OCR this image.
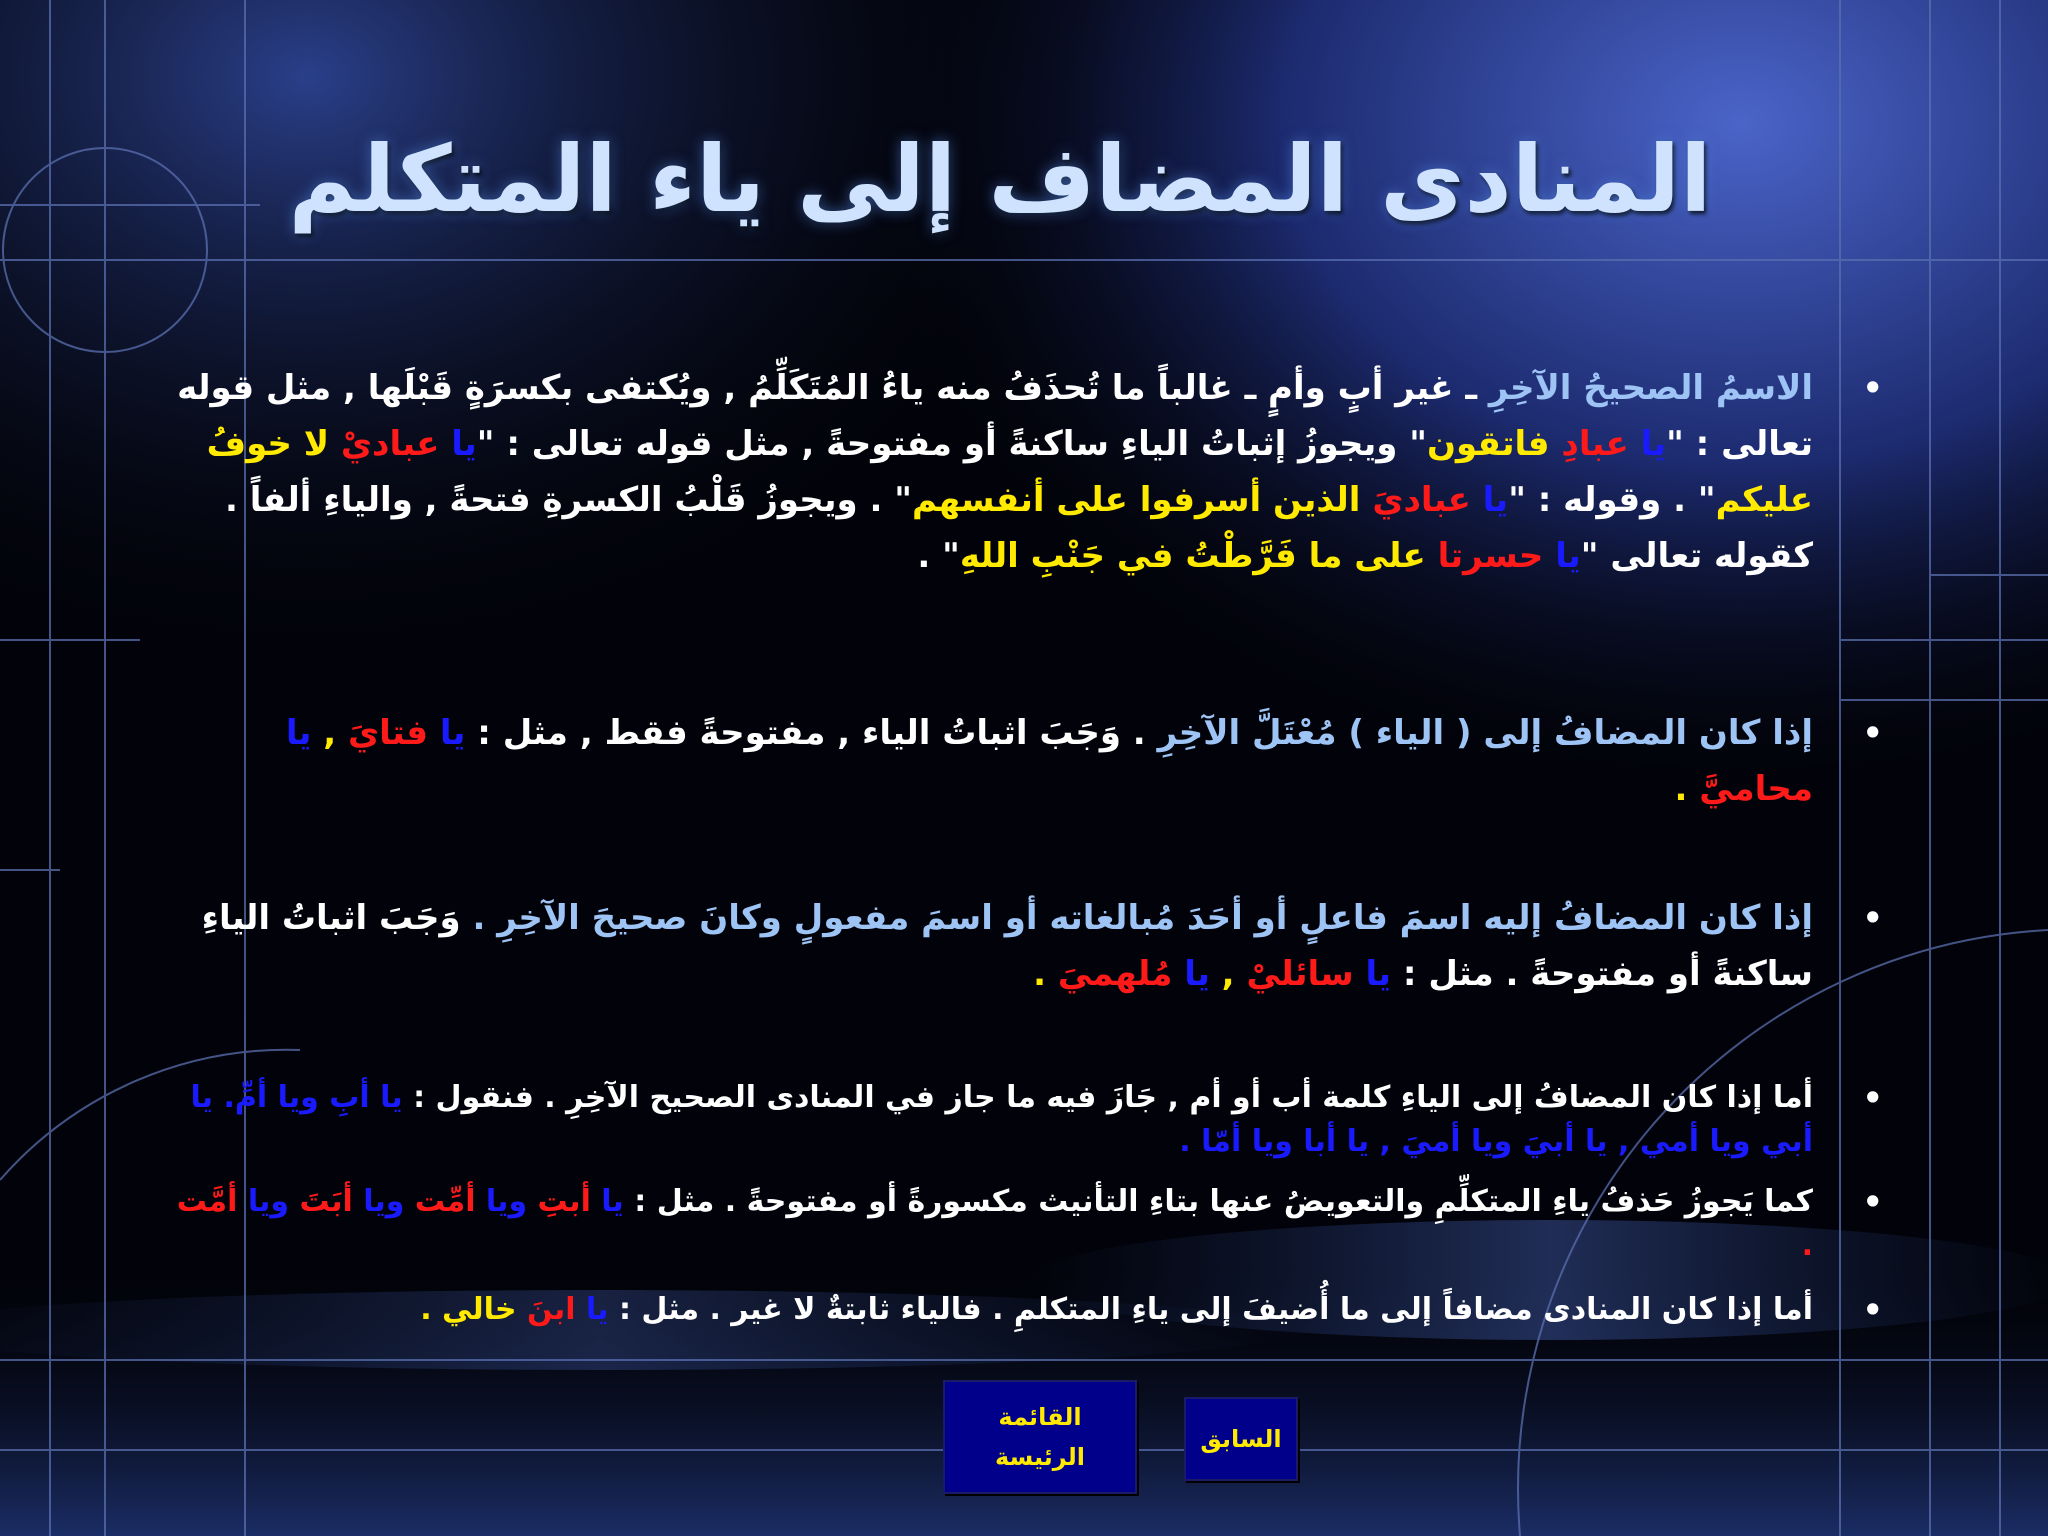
المنادى المضاف إلى ياء المتكلم
•
الاسمُ الصحيحُ الآخِرِ ـ غير أبٍ وأمٍ ـ غالباً ما تُحذَفُ منه ياءُ المُتَكَلِّمُ , ويُكتفى بكسرَةٍ قَبْلَها , مثل قوله تعالى : "يا عبادِ فاتقون" ويجوزُ إثباتُ الياءِ ساكنةً أو مفتوحةً , مثل قوله تعالى : "يا عباديْ لا خوفُ عليكم" . وقوله : "يا عباديَ الذين أسرفوا على أنفسهم" . ويجوزُ قَلْبُ الكسرةِ فتحةً , والياءِ ألفاً . كقوله تعالى "يا حسرتا على ما فَرَّطْتُ في جَنْبِ اللهِ" .
•
إذا كان المضافُ إلى ( الياء ) مُعْتَلَّ الآخِرِ . وَجَبَ اثباتُ الياء , مفتوحةً فقط , مثل : يا فتايَ , يا محاميَّ .
•
إذا كان المضافُ إليه اسمَ فاعلٍ أو أحَدَ مُبالغاته أو اسمَ مفعولٍ وكانَ صحيحَ الآخِرِ . وَجَبَ اثباتُ الياءِ ساكنةً أو مفتوحةً . مثل : يا سائليْ , يا مُلهميَ .
•
أما إذا كان المضافُ إلى الياءِ كلمة أب أو أم , جَازَ فيه ما جاز في المنادى الصحيح الآخِرِ . فنقول : يا أبِ ويا أمِّ. يا أبي ويا أمي , يا أبيَ ويا أميَ , يا أبا ويا أمّا .
•
كما يَجوزُ حَذفُ ياءِ المتكلِّمِ والتعويضُ عنها بتاءِ التأنيث مكسورةً أو مفتوحةً . مثل : يا أبتِ ويا أمِّت ويا أبَتَ ويا أمَّت .
•
أما إذا كان المنادى مضافاً إلى ما أُضيفَ إلى ياءِ المتكلمِ . فالياء ثابتةٌ لا غير . مثل : يا ابنَ خالي .
القائمة الرئيسة
السابق
